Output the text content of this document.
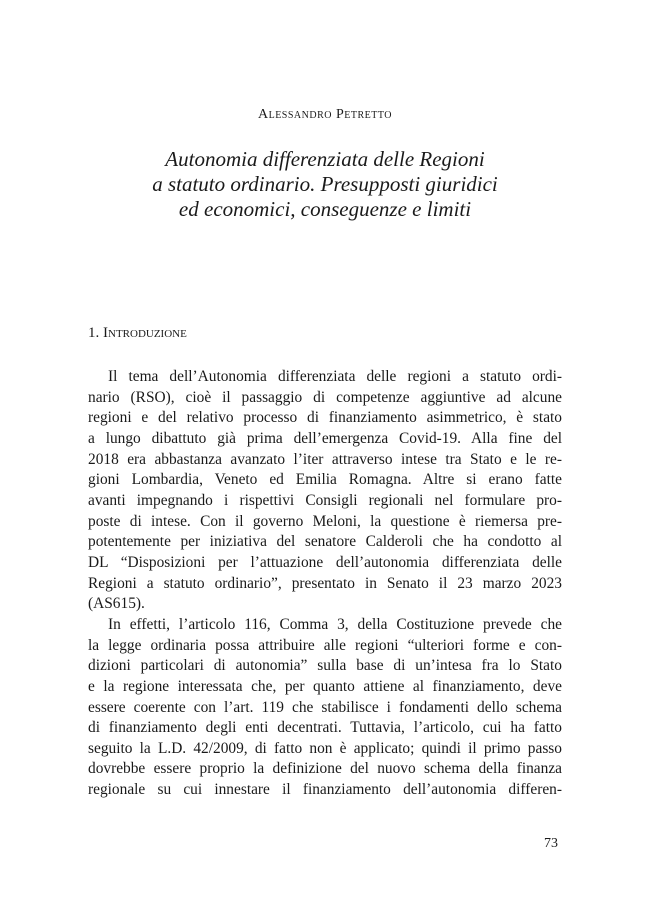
Alessandro Petretto
Autonomia differenziata delle Regioni
a statuto ordinario. Presupposti giuridici
ed economici, conseguenze e limiti
1. Introduzione
Il tema dell’Autonomia differenziata delle regioni a statuto ordi-
nario (RSO), cioè il passaggio di competenze aggiuntive ad alcune
regioni e del relativo processo di finanziamento asimmetrico, è stato
a lungo dibattuto già prima dell’emergenza Covid-19. Alla fine del
2018 era abbastanza avanzato l’iter attraverso intese tra Stato e le re-
gioni Lombardia, Veneto ed Emilia Romagna. Altre si erano fatte
avanti impegnando i rispettivi Consigli regionali nel formulare pro-
poste di intese. Con il governo Meloni, la questione è riemersa pre-
potentemente per iniziativa del senatore Calderoli che ha condotto al
DL “Disposizioni per l’attuazione dell’autonomia differenziata delle
Regioni a statuto ordinario”, presentato in Senato il 23 marzo 2023
(AS615).
In effetti, l’articolo 116, Comma 3, della Costituzione prevede che
la legge ordinaria possa attribuire alle regioni “ulteriori forme e con-
dizioni particolari di autonomia” sulla base di un’intesa fra lo Stato
e la regione interessata che, per quanto attiene al finanziamento, deve
essere coerente con l’art. 119 che stabilisce i fondamenti dello schema
di finanziamento degli enti decentrati. Tuttavia, l’articolo, cui ha fatto
seguito la L.D. 42/2009, di fatto non è applicato; quindi il primo passo
dovrebbe essere proprio la definizione del nuovo schema della finanza
regionale su cui innestare il finanziamento dell’autonomia differen-
73
